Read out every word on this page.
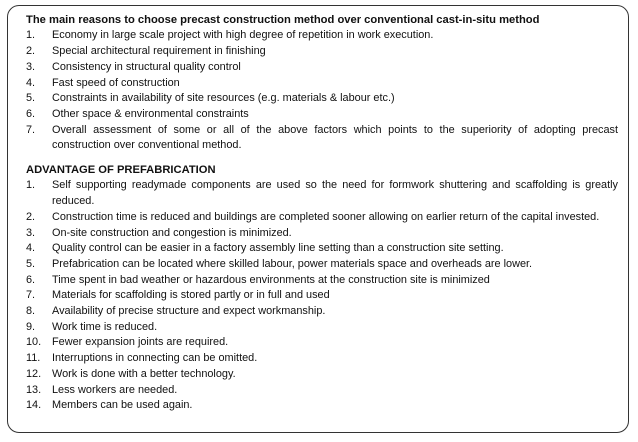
The main reasons to choose precast construction method over conventional cast-in-situ method

1.	Economy in large scale project with high degree of repetition in work execution.
2.	Special architectural requirement in finishing
3.	Consistency in structural quality control
4.	Fast speed of construction
5.	Constraints in availability of site resources (e.g. materials & labour etc.)
6.	Other space & environmental constraints
7.	Overall assessment of some or all of the above factors which points to the superiority of adopting precast construction over conventional method.

ADVANTAGE OF PREFABRICATION

1.	Self supporting readymade components are used so the need for formwork shuttering and scaffolding is greatly reduced.
2.	Construction time is reduced and buildings are completed sooner allowing on earlier return of the capital invested.
3.	On-site construction and congestion is minimized.
4.	Quality control can be easier in a factory assembly line setting than a construction site setting.
5.	Prefabrication can be located where skilled labour, power materials space and overheads are lower.
6.	Time spent in bad weather or hazardous environments at the construction site is minimized
7.	Materials for scaffolding is stored partly or in full and used
8.	Availability of precise structure and expect workmanship.
9.	Work time is reduced.
10. Fewer expansion joints are required.
11.	Interruptions in connecting can be omitted.
12. Work is done with a better technology.
13. Less workers are needed.
14. Members can be used again.
